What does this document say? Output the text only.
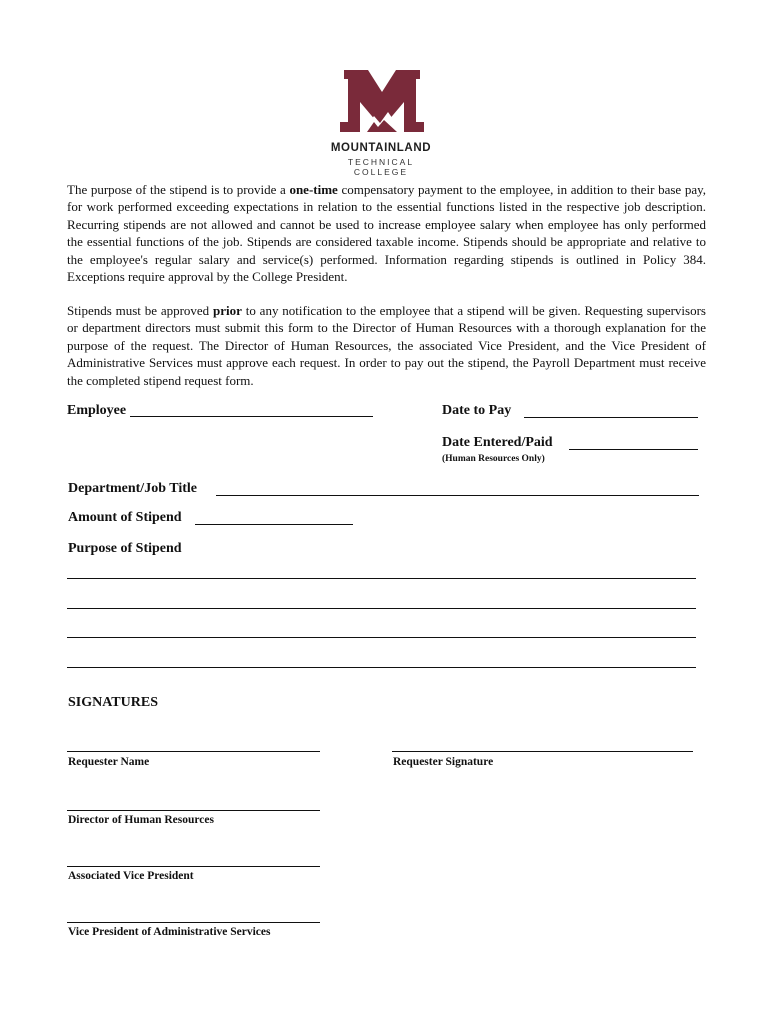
MOUNTAINLAND
TECHNICAL COLLEGE
The purpose of the stipend is to provide a one-time compensatory payment to the employee, in addition to their base pay, for work performed exceeding expectations in relation to the essential functions listed in the respective job description. Recurring stipends are not allowed and cannot be used to increase employee salary when employee has only performed the essential functions of the job. Stipends are considered taxable income. Stipends should be appropriate and relative to the employee's regular salary and service(s) performed. Information regarding stipends is outlined in Policy 384. Exceptions require approval by the College President.
Stipends must be approved prior to any notification to the employee that a stipend will be given. Requesting supervisors or department directors must submit this form to the Director of Human Resources with a thorough explanation for the purpose of the request. The Director of Human Resources, the associated Vice President, and the Vice President of Administrative Services must approve each request. In order to pay out the stipend, the Payroll Department must receive the completed stipend request form.
Employee	Date to Pay
Date Entered/Paid
(Human Resources Only)
Department/Job Title
Amount of Stipend
Purpose of Stipend
SIGNATURES
Requester Name	Requester Signature
Director of Human Resources
Associated Vice President
Vice President of Administrative Services
